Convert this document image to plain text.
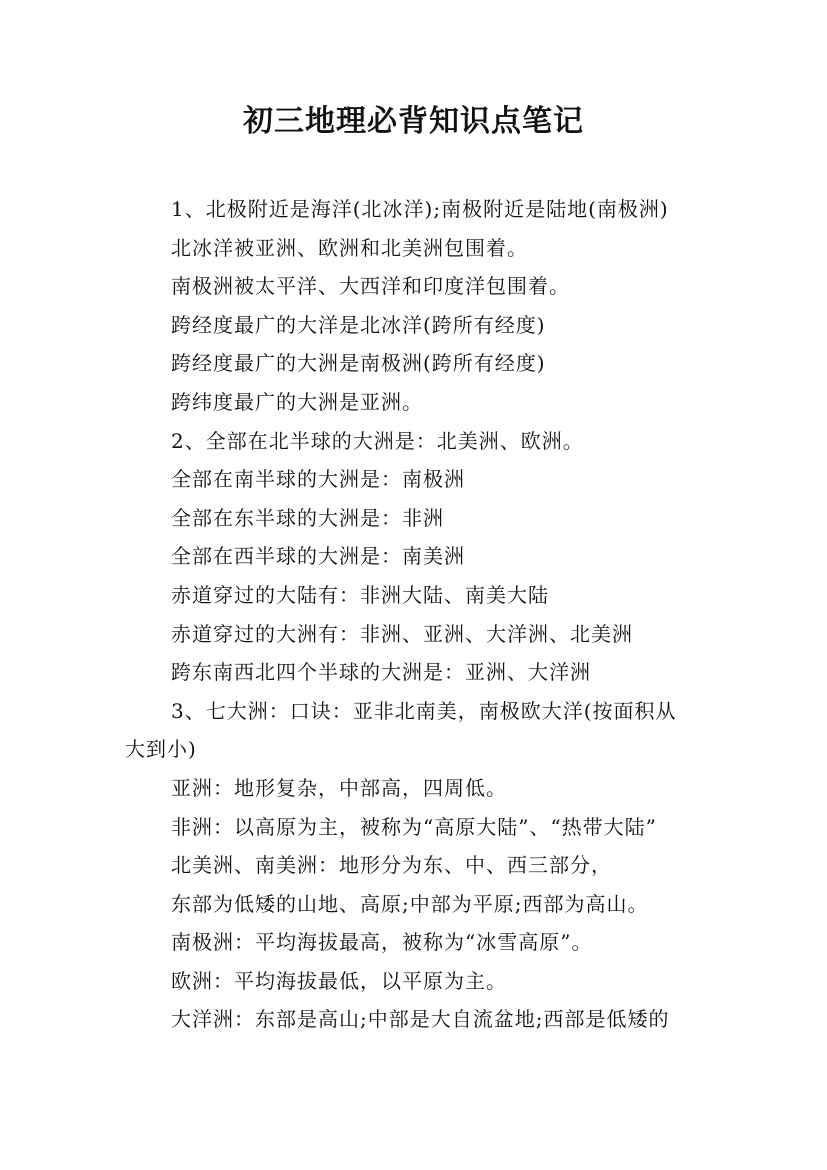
初三地理必背知识点笔记
1、北极附近是海洋(北冰洋);南极附近是陆地(南极洲)
北冰洋被亚洲、欧洲和北美洲包围着。
南极洲被太平洋、大西洋和印度洋包围着。
跨经度最广的大洋是北冰洋(跨所有经度)
跨经度最广的大洲是南极洲(跨所有经度)
跨纬度最广的大洲是亚洲。
2、全部在北半球的大洲是：北美洲、欧洲。
全部在南半球的大洲是：南极洲
全部在东半球的大洲是：非洲
全部在西半球的大洲是：南美洲
赤道穿过的大陆有：非洲大陆、南美大陆
赤道穿过的大洲有：非洲、亚洲、大洋洲、北美洲
跨东南西北四个半球的大洲是：亚洲、大洋洲
3、七大洲：口诀：亚非北南美，南极欧大洋(按面积从
大到小)
亚洲：地形复杂，中部高，四周低。
非洲：以高原为主，被称为“高原大陆”、“热带大陆”
北美洲、南美洲：地形分为东、中、西三部分，
东部为低矮的山地、高原;中部为平原;西部为高山。
南极洲：平均海拔最高，被称为“冰雪高原”。
欧洲：平均海拔最低，以平原为主。
大洋洲：东部是高山;中部是大自流盆地;西部是低矮的
